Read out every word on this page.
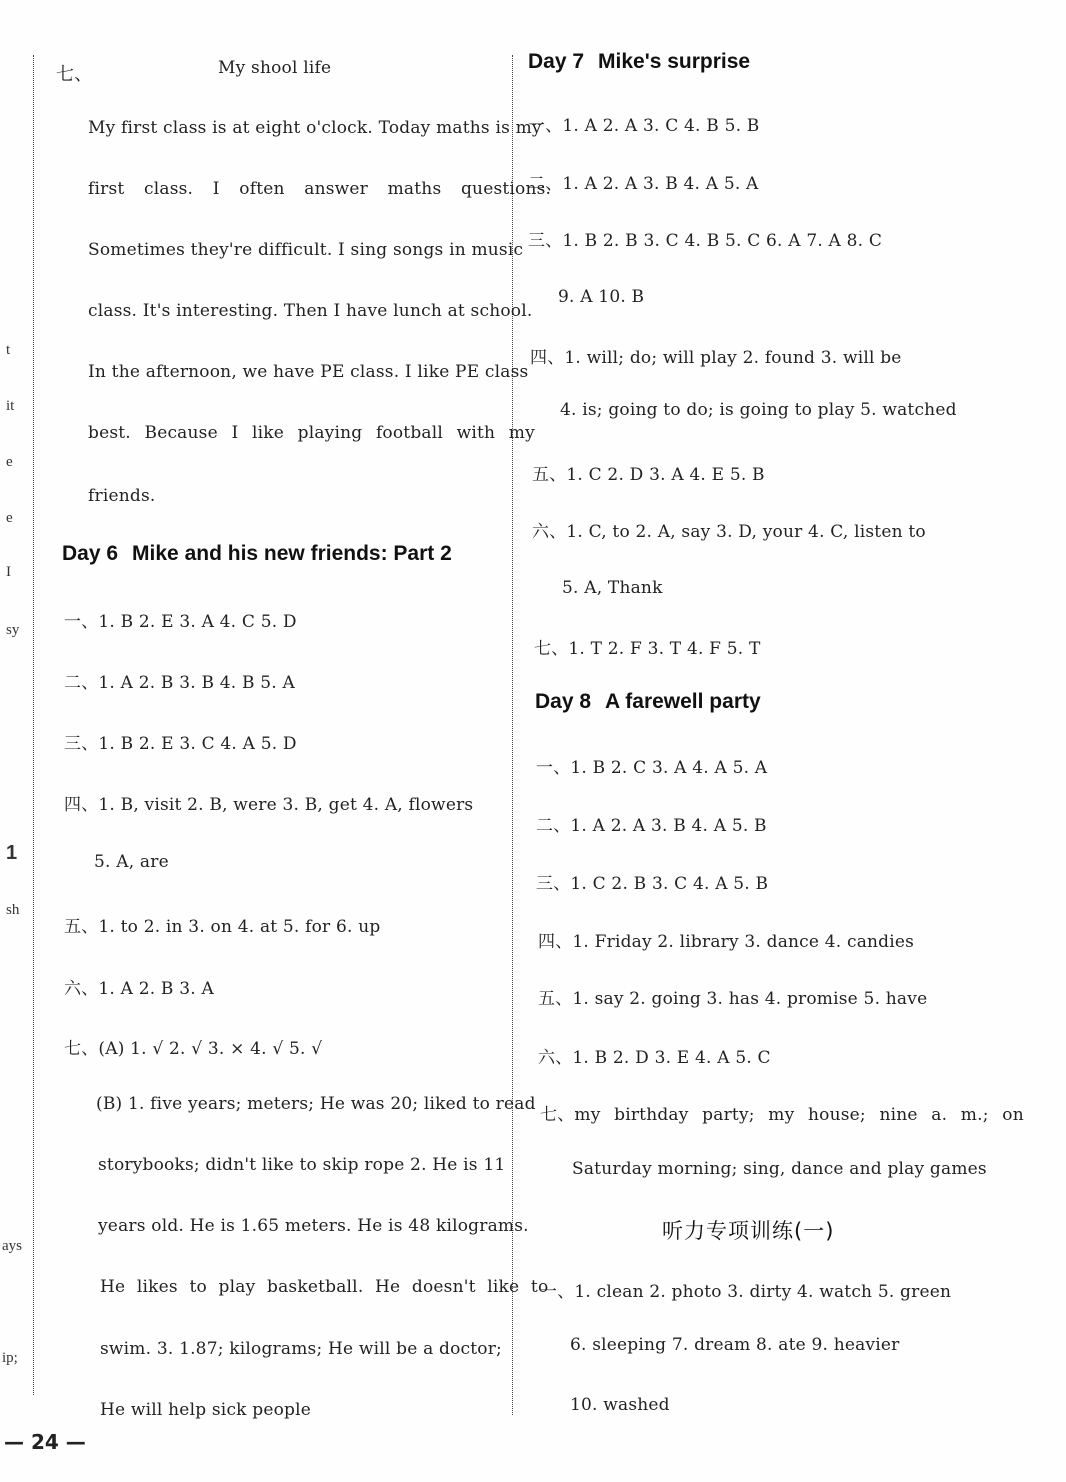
t
it
e
e
I
sy
1
sh
ays
ip;
七、	My shool life
My first class is at eight o'clock. Today maths is my
first class. I often answer maths questions.
Sometimes they're difficult. I sing songs in music
class. It's interesting. Then I have lunch at school.
In the afternoon, we have PE class. I like PE class
best. Because I like playing football with my
friends.
Day 6 Mike and his new friends: Part 2
一、1. B 2. E 3. A 4. C 5. D
二、1. A 2. B 3. B 4. B 5. A
三、1. B 2. E 3. C 4. A 5. D
四、1. B, visit 2. B, were 3. B, get 4. A, flowers
5. A, are
五、1. to 2. in 3. on 4. at 5. for 6. up
六、1. A 2. B 3. A
七、(A) 1. √ 2. √ 3. × 4. √ 5. √
(B) 1. five years; meters; He was 20; liked to read
storybooks; didn't like to skip rope 2. He is 11
years old. He is 1.65 meters. He is 48 kilograms.
He likes to play basketball. He doesn't like to
swim. 3. 1.87; kilograms; He will be a doctor;
He will help sick people
Day 7 Mike's surprise
一、1. A 2. A 3. C 4. B 5. B
二、1. A 2. A 3. B 4. A 5. A
三、1. B 2. B 3. C 4. B 5. C 6. A 7. A 8. C
9. A 10. B
四、1. will; do; will play 2. found 3. will be
4. is; going to do; is going to play 5. watched
五、1. C 2. D 3. A 4. E 5. B
六、1. C, to 2. A, say 3. D, your 4. C, listen to
5. A, Thank
七、1. T 2. F 3. T 4. F 5. T
Day 8 A farewell party
一、1. B 2. C 3. A 4. A 5. A
二、1. A 2. A 3. B 4. A 5. B
三、1. C 2. B 3. C 4. A 5. B
四、1. Friday 2. library 3. dance 4. candies
五、1. say 2. going 3. has 4. promise 5. have
六、1. B 2. D 3. E 4. A 5. C
七、my birthday party; my house; nine a. m.; on
Saturday morning; sing, dance and play games
听力专项训练(一)
一、1. clean 2. photo 3. dirty 4. watch 5. green
6. sleeping 7. dream 8. ate 9. heavier
10. washed
— 24 —
